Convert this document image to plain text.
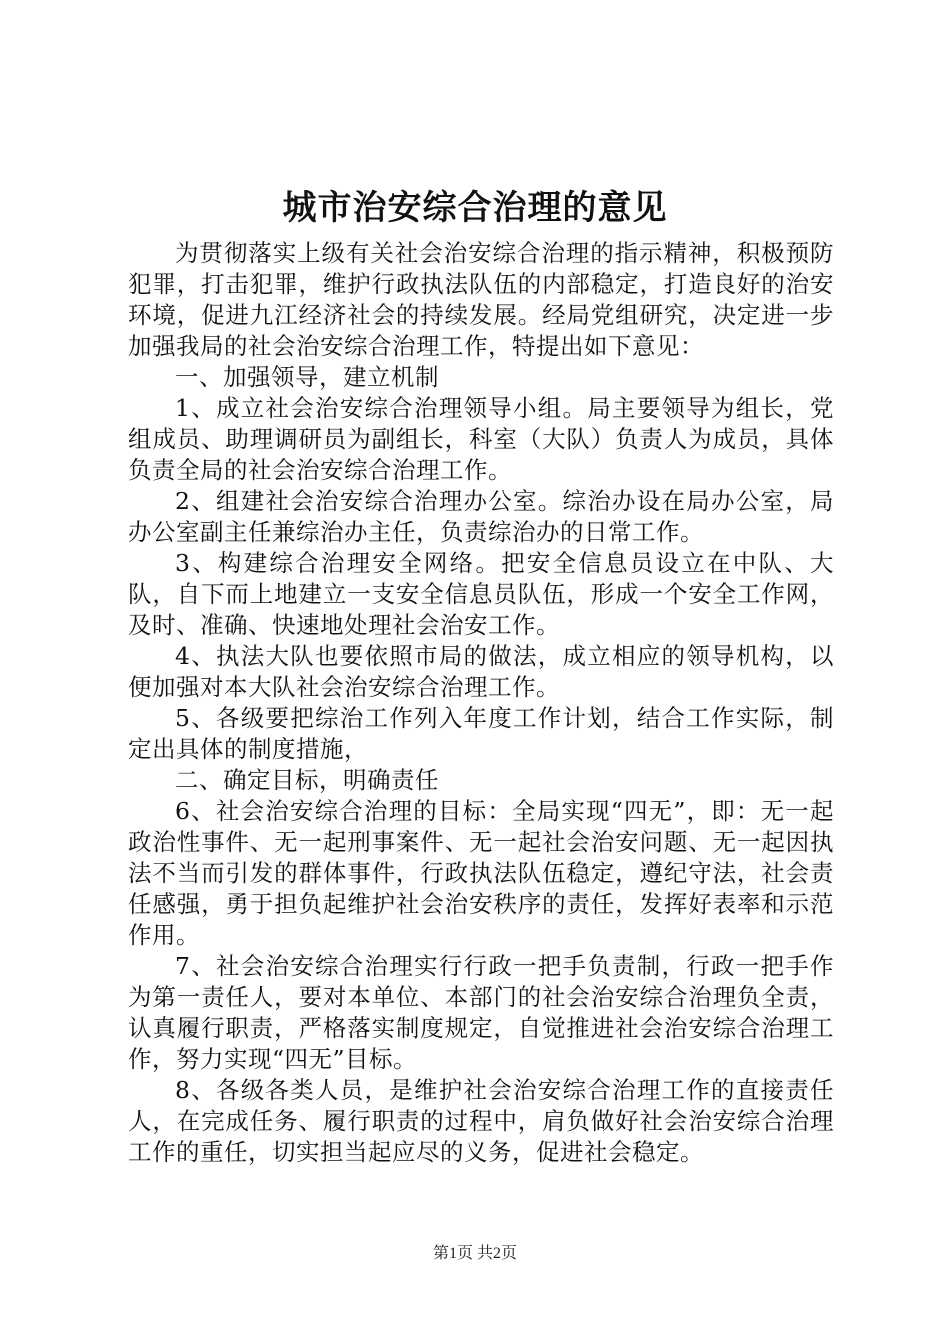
城市治安综合治理的意见

为贯彻落实上级有关社会治安综合治理的指示精神，积极预防犯罪，打击犯罪，维护行政执法队伍的内部稳定，打造良好的治安环境，促进九江经济社会的持续发展。经局党组研究，决定进一步加强我局的社会治安综合治理工作，特提出如下意见：

一、加强领导，建立机制

1、成立社会治安综合治理领导小组。局主要领导为组长，党组成员、助理调研员为副组长，科室（大队）负责人为成员，具体负责全局的社会治安综合治理工作。

2、组建社会治安综合治理办公室。综治办设在局办公室，局办公室副主任兼综治办主任，负责综治办的日常工作。

3、构建综合治理安全网络。把安全信息员设立在中队、大队，自下而上地建立一支安全信息员队伍，形成一个安全工作网，及时、准确、快速地处理社会治安工作。

4、执法大队也要依照市局的做法，成立相应的领导机构，以便加强对本大队社会治安综合治理工作。

5、各级要把综治工作列入年度工作计划，结合工作实际，制定出具体的制度措施，

二、确定目标，明确责任

6、社会治安综合治理的目标：全局实现“四无”，即：无一起政治性事件、无一起刑事案件、无一起社会治安问题、无一起因执法不当而引发的群体事件，行政执法队伍稳定，遵纪守法，社会责任感强，勇于担负起维护社会治安秩序的责任，发挥好表率和示范作用。

7、社会治安综合治理实行行政一把手负责制，行政一把手作为第一责任人，要对本单位、本部门的社会治安综合治理负全责，认真履行职责，严格落实制度规定，自觉推进社会治安综合治理工作，努力实现“四无”目标。

8、各级各类人员，是维护社会治安综合治理工作的直接责任人，在完成任务、履行职责的过程中，肩负做好社会治安综合治理工作的重任，切实担当起应尽的义务，促进社会稳定。

第1页 共2页
